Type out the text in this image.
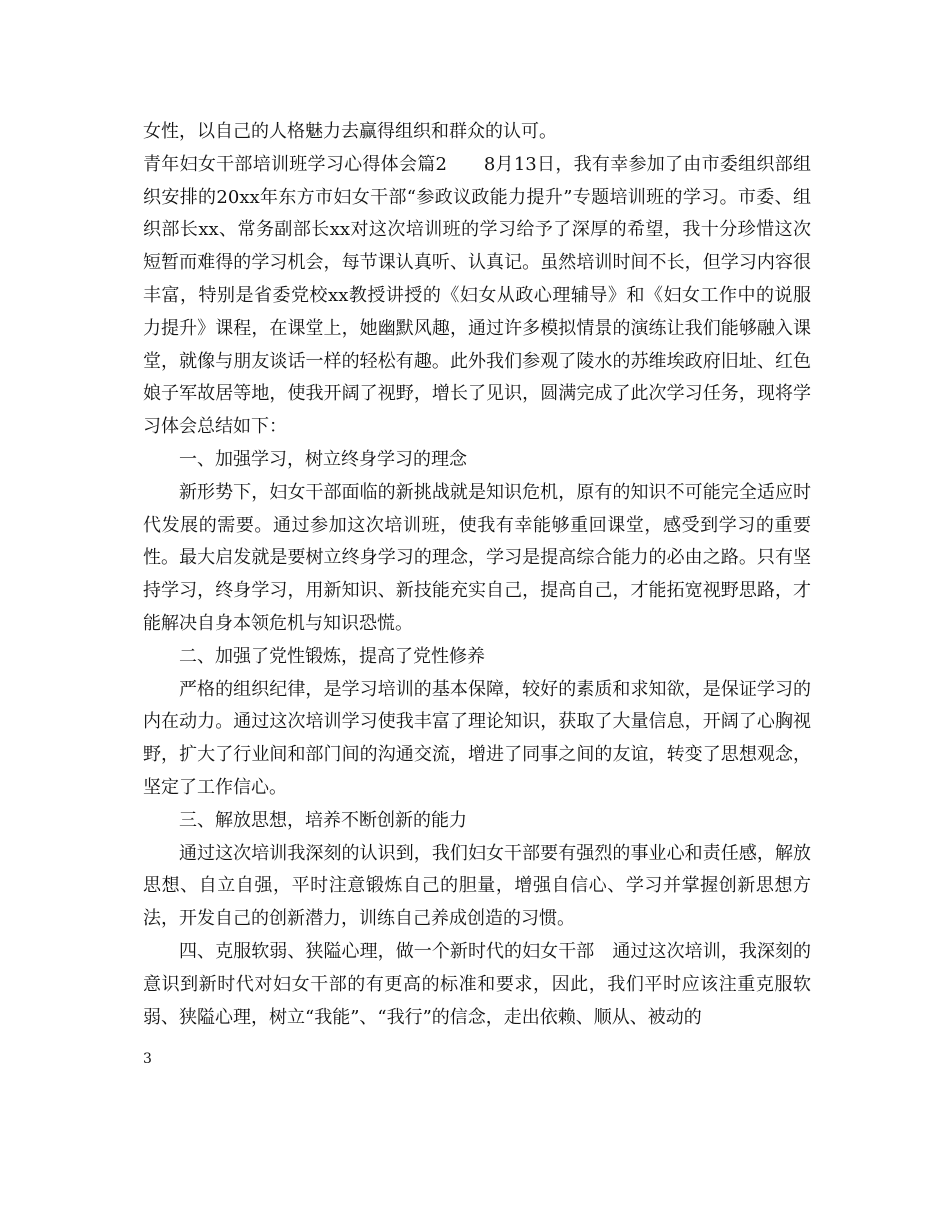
女性，以自己的人格魅力去赢得组织和群众的认可。

青年妇女干部培训班学习心得体会篇2　　8月13日，我有幸参加了由市委组织部组织安排的20xx年东方市妇女干部“参政议政能力提升”专题培训班的学习。市委、组织部长xx、常务副部长xx对这次培训班的学习给予了深厚的希望，我十分珍惜这次短暂而难得的学习机会，每节课认真听、认真记。虽然培训时间不长，但学习内容很丰富，特别是省委党校xx教授讲授的《妇女从政心理辅导》和《妇女工作中的说服力提升》课程，在课堂上，她幽默风趣，通过许多模拟情景的演练让我们能够融入课堂，就像与朋友谈话一样的轻松有趣。此外我们参观了陵水的苏维埃政府旧址、红色娘子军故居等地，使我开阔了视野，增长了见识，圆满完成了此次学习任务，现将学习体会总结如下：

一、加强学习，树立终身学习的理念

新形势下，妇女干部面临的新挑战就是知识危机，原有的知识不可能完全适应时代发展的需要。通过参加这次培训班，使我有幸能够重回课堂，感受到学习的重要性。最大启发就是要树立终身学习的理念，学习是提高综合能力的必由之路。只有坚持学习，终身学习，用新知识、新技能充实自己，提高自己，才能拓宽视野思路，才能解决自身本领危机与知识恐慌。

二、加强了党性锻炼，提高了党性修养

严格的组织纪律，是学习培训的基本保障，较好的素质和求知欲，是保证学习的内在动力。通过这次培训学习使我丰富了理论知识，获取了大量信息，开阔了心胸视野，扩大了行业间和部门间的沟通交流，增进了同事之间的友谊，转变了思想观念，坚定了工作信心。

三、解放思想，培养不断创新的能力

通过这次培训我深刻的认识到，我们妇女干部要有强烈的事业心和责任感，解放思想、自立自强，平时注意锻炼自己的胆量，增强自信心、学习并掌握创新思想方法，开发自己的创新潜力，训练自己养成创造的习惯。

四、克服软弱、狭隘心理，做一个新时代的妇女干部　通过这次培训，我深刻的意识到新时代对妇女干部的有更高的标准和要求，因此，我们平时应该注重克服软弱、狭隘心理，树立“我能”、“我行”的信念，走出依赖、顺从、被动的

3
